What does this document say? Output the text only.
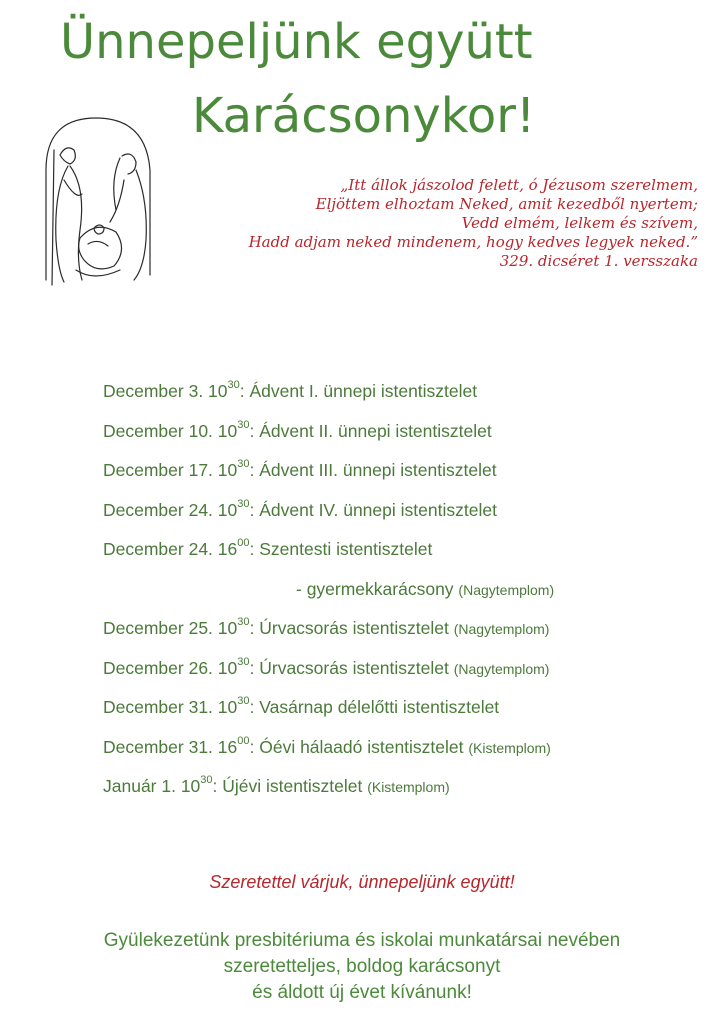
Ünnepeljünk együtt
Karácsonykor!
„Itt állok jászolod felett, ó Jézusom szerelmem,
Eljöttem elhoztam Neked, amit kezedből nyertem;
Vedd elmém, lelkem és szívem,
Hadd adjam neked mindenem, hogy kedves legyek neked.”
329. dicséret 1. versszaka
December 3. $10^{30}$: Ádvent I. ünnepi istentisztelet
December 10. $10^{30}$: Ádvent II. ünnepi istentisztelet
December 17. $10^{30}$: Ádvent III. ünnepi istentisztelet
December 24. $10^{30}$: Ádvent IV. ünnepi istentisztelet
December 24. $16^{00}$: Szentesti istentisztelet
- gyermekkarácsony (Nagytemplom)
December 25. $10^{30}$: Úrvacsorás istentisztelet (Nagytemplom)
December 26. $10^{30}$: Úrvacsorás istentisztelet (Nagytemplom)
December 31. $10^{30}$: Vasárnap délelőtti istentisztelet
December 31. $16^{00}$: Óévi hálaadó istentisztelet (Kistemplom)
Január 1. $10^{30}$: Újévi istentisztelet (Kistemplom)
Szeretettel várjuk, ünnepeljünk együtt!
Gyülekezetünk presbitériuma és iskolai munkatársai nevében
szeretetteljes, boldog karácsonyt
és áldott új évet kívánunk!
